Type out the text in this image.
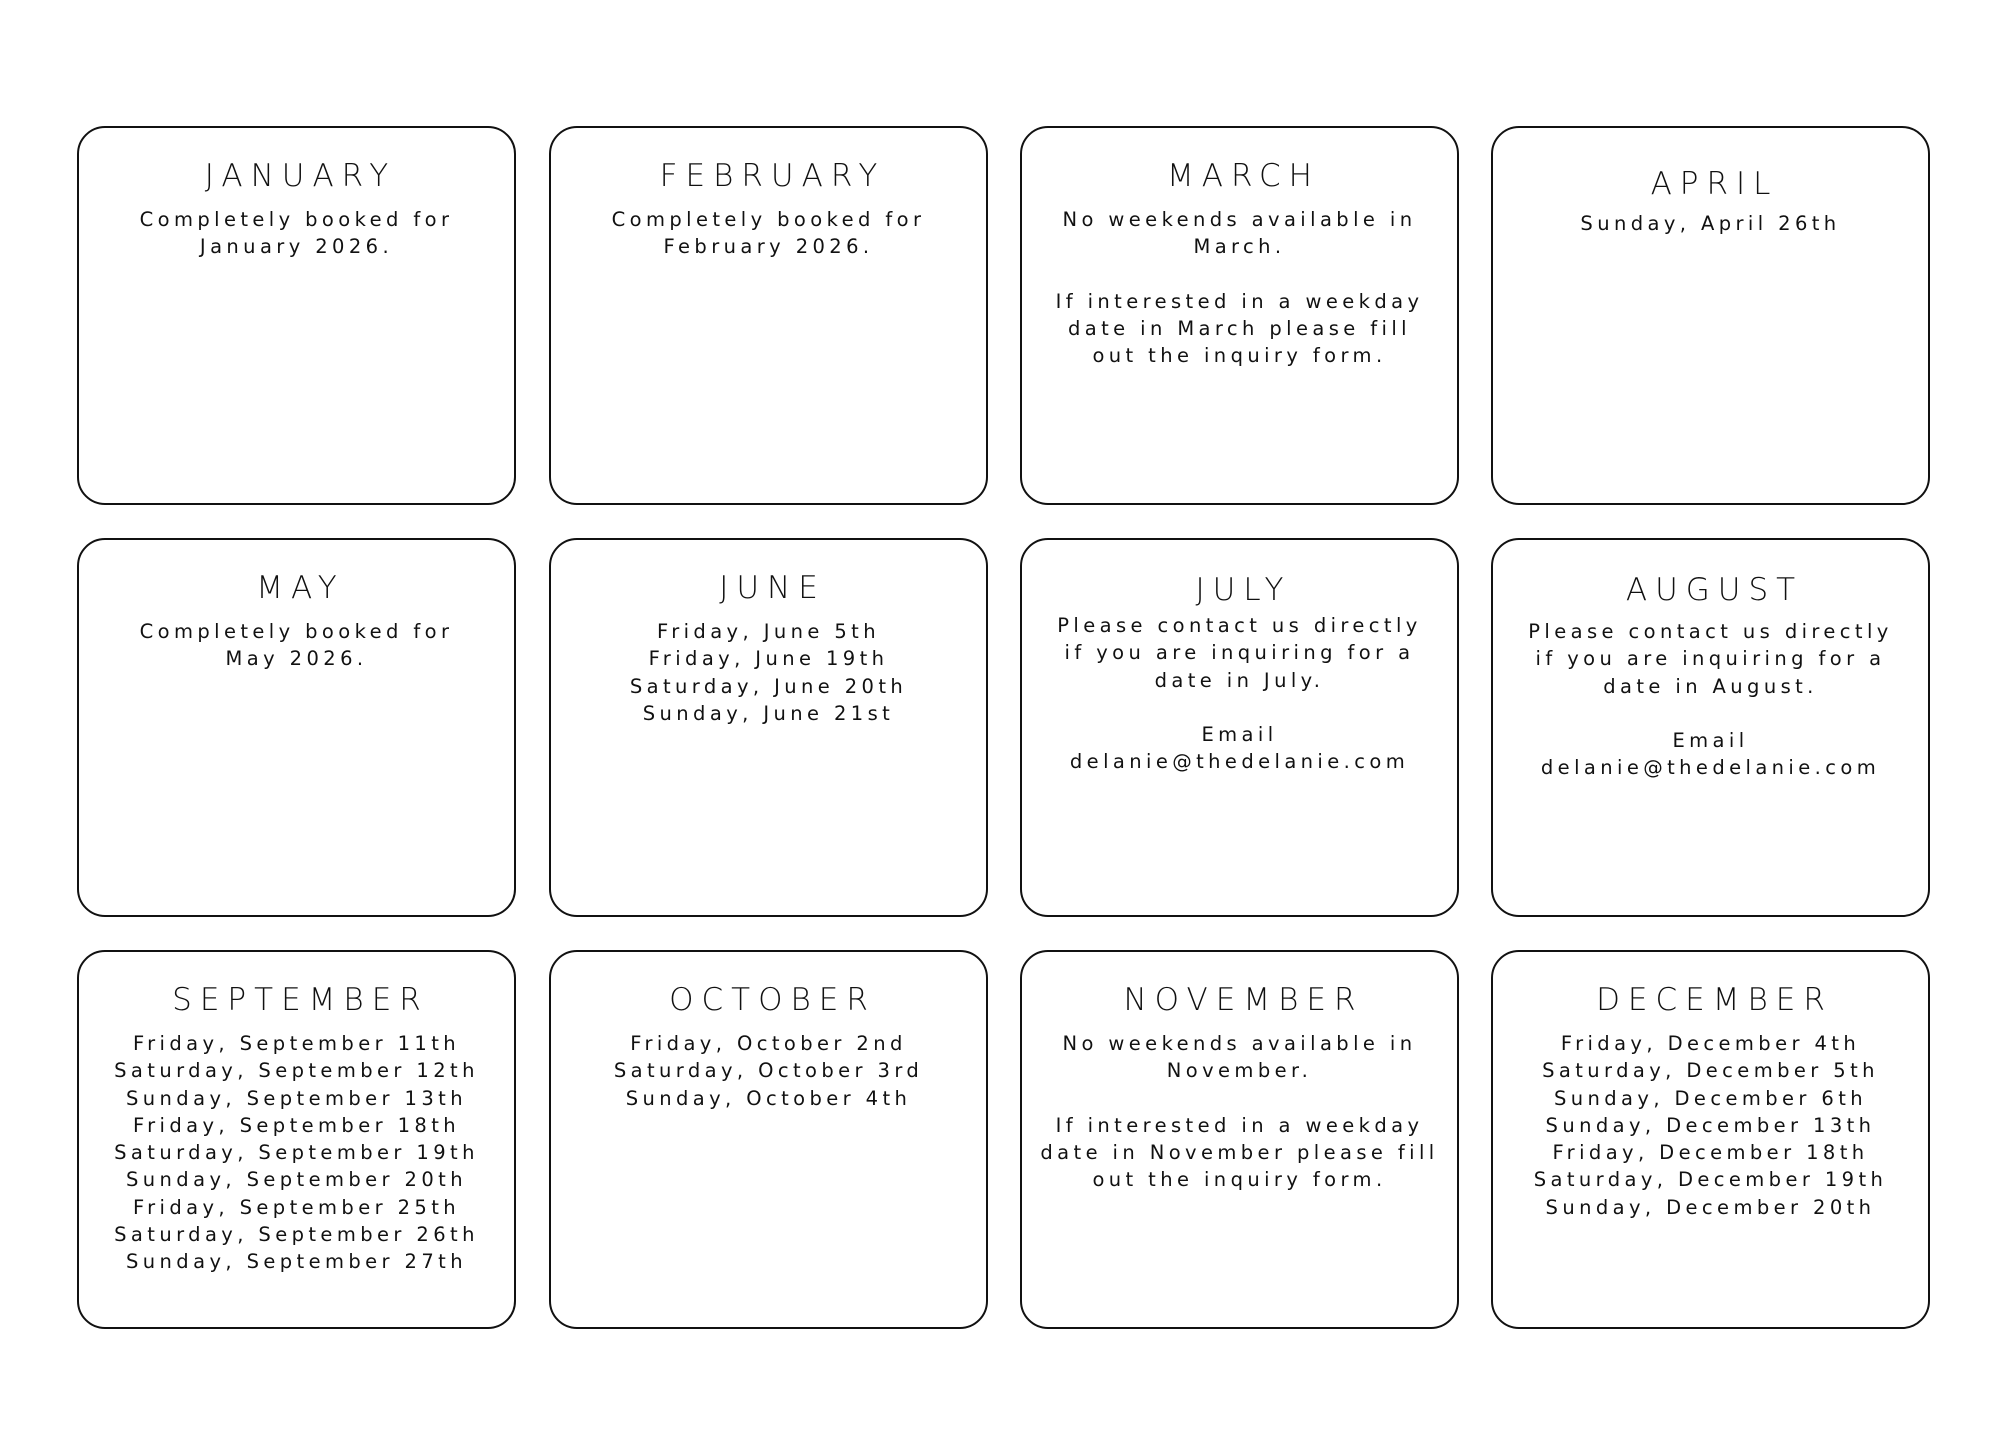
JANUARY
Completely booked for
January 2026.
FEBRUARY
Completely booked for
February 2026.
MARCH
No weekends available in
March.
If interested in a weekday
date in March please fill
out the inquiry form.
APRIL
Sunday, April 26th
MAY
Completely booked for
May 2026.
JUNE
Friday, June 5th
Friday, June 19th
Saturday, June 20th
Sunday, June 21st
JULY
Please contact us directly
if you are inquiring for a
date in July.
Email
delanie@thedelanie.com
AUGUST
Please contact us directly
if you are inquiring for a
date in August.
Email
delanie@thedelanie.com
SEPTEMBER
Friday, September 11th
Saturday, September 12th
Sunday, September 13th
Friday, September 18th
Saturday, September 19th
Sunday, September 20th
Friday, September 25th
Saturday, September 26th
Sunday, September 27th
OCTOBER
Friday, October 2nd
Saturday, October 3rd
Sunday, October 4th
NOVEMBER
No weekends available in
November.
If interested in a weekday
date in November please fill
out the inquiry form.
DECEMBER
Friday, December 4th
Saturday, December 5th
Sunday, December 6th
Sunday, December 13th
Friday, December 18th
Saturday, December 19th
Sunday, December 20th
